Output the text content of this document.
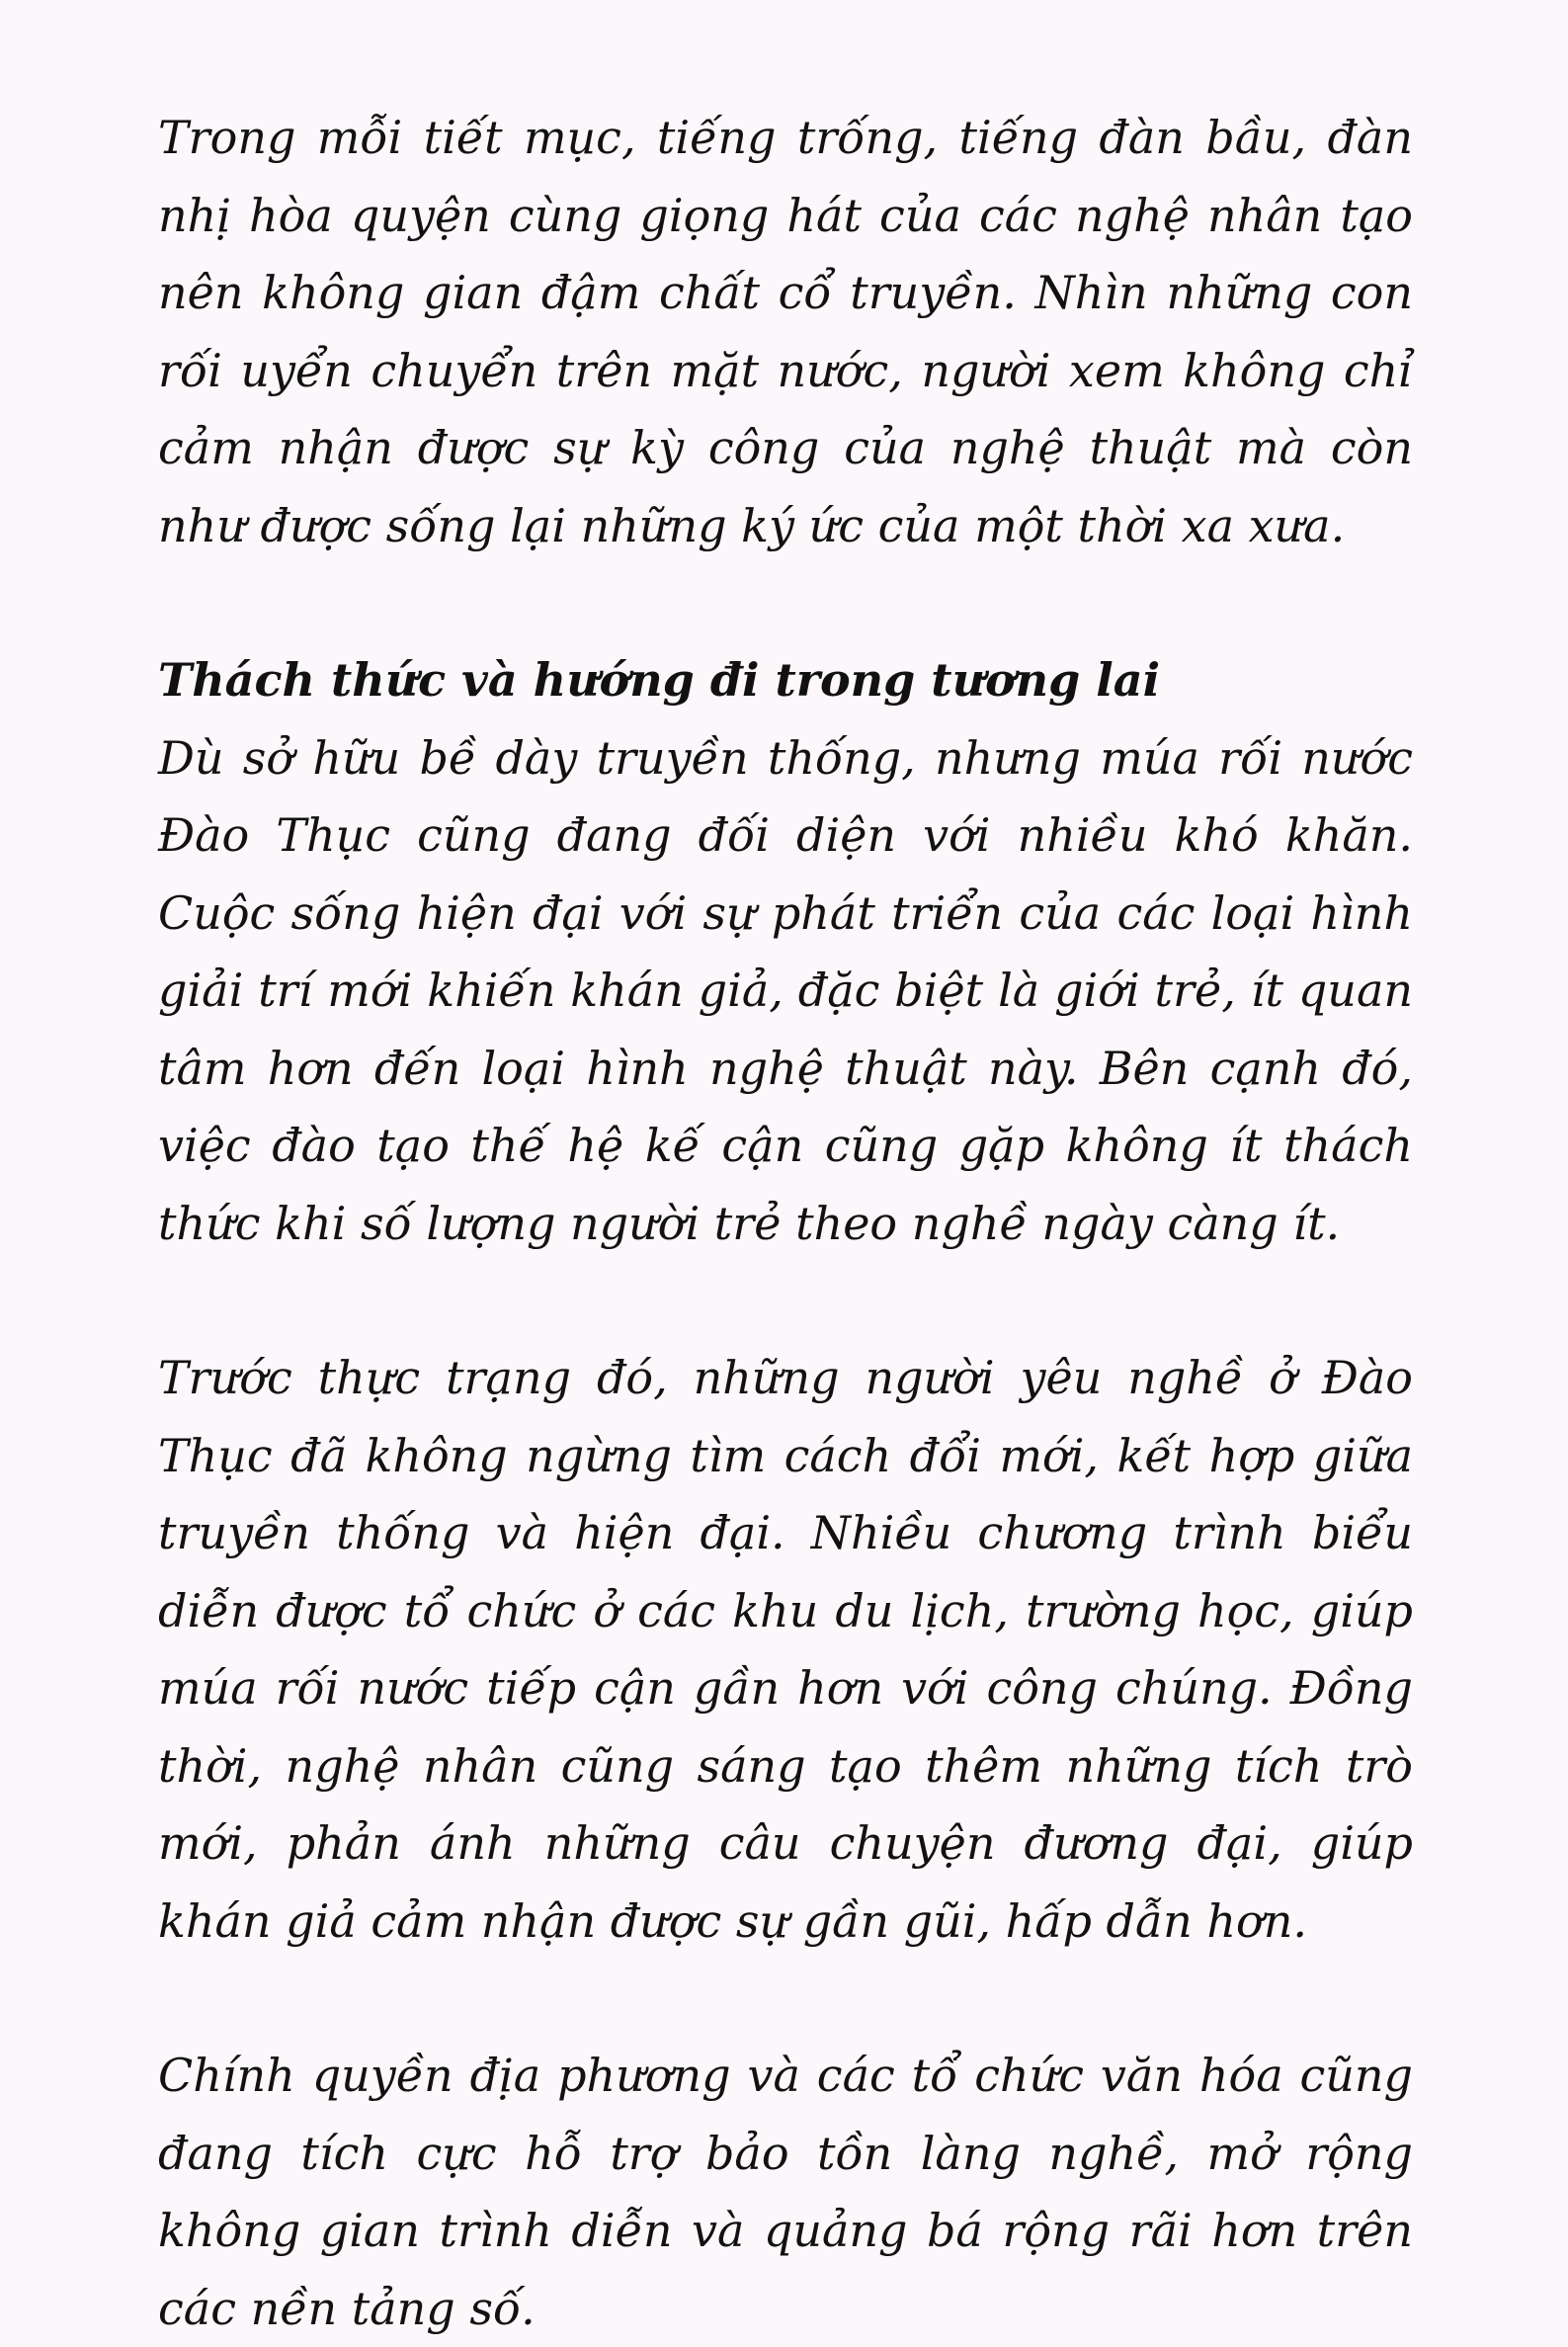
Trong mỗi tiết mục, tiếng trống, tiếng đàn bầu, đàn nhị hòa quyện cùng giọng hát của các nghệ nhân tạo nên không gian đậm chất cổ truyền. Nhìn những con rối uyển chuyển trên mặt nước, người xem không chỉ cảm nhận được sự kỳ công của nghệ thuật mà còn như được sống lại những ký ức của một thời xa xưa.

Thách thức và hướng đi trong tương lai

Dù sở hữu bề dày truyền thống, nhưng múa rối nước Đào Thục cũng đang đối diện với nhiều khó khăn. Cuộc sống hiện đại với sự phát triển của các loại hình giải trí mới khiến khán giả, đặc biệt là giới trẻ, ít quan tâm hơn đến loại hình nghệ thuật này. Bên cạnh đó, việc đào tạo thế hệ kế cận cũng gặp không ít thách thức khi số lượng người trẻ theo nghề ngày càng ít.

Trước thực trạng đó, những người yêu nghề ở Đào Thục đã không ngừng tìm cách đổi mới, kết hợp giữa truyền thống và hiện đại. Nhiều chương trình biểu diễn được tổ chức ở các khu du lịch, trường học, giúp múa rối nước tiếp cận gần hơn với công chúng. Đồng thời, nghệ nhân cũng sáng tạo thêm những tích trò mới, phản ánh những câu chuyện đương đại, giúp khán giả cảm nhận được sự gần gũi, hấp dẫn hơn.

Chính quyền địa phương và các tổ chức văn hóa cũng đang tích cực hỗ trợ bảo tồn làng nghề, mở rộng không gian trình diễn và quảng bá rộng rãi hơn trên các nền tảng số.
